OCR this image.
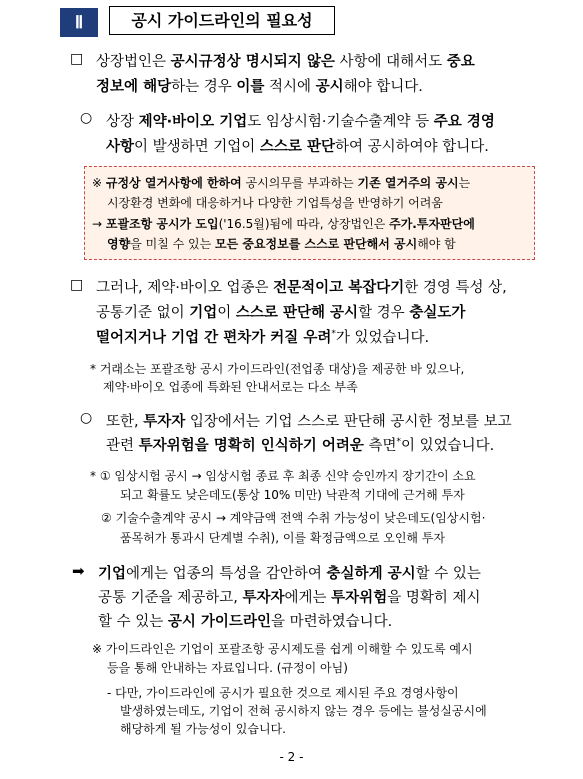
Ⅱ	공시 가이드라인의 필요성
□ 상장법인은 공시규정상 명시되지 않은 사항에 대해서도 중요
정보에 해당하는 경우 이를 적시에 공시해야 합니다.
○ 상장 제약·바이오 기업도 임상시험·기술수출계약 등 주요 경영
사항이 발생하면 기업이 스스로 판단하여 공시하여야 합니다.
※ 규정상 열거사항에 한하여 공시의무를 부과하는 기존 열거주의 공시는
시장환경 변화에 대응하거나 다양한 기업특성을 반영하기 어려움
→ 포괄조항 공시가 도입('16.5월)됨에 따라, 상장법인은 주가.투자판단에
영향을 미칠 수 있는 모든 중요정보를 스스로 판단해서 공시해야 함
□ 그러나, 제약·바이오 업종은 전문적이고 복잡다기한 경영 특성 상,
공통기준 없이 기업이 스스로 판단해 공시할 경우 충실도가
떨어지거나 기업 간 편차가 커질 우려*가 있었습니다.
* 거래소는 포괄조항 공시 가이드라인(전업종 대상)을 제공한 바 있으나,
제약·바이오 업종에 특화된 안내서로는 다소 부족
○ 또한, 투자자 입장에서는 기업 스스로 판단해 공시한 정보를 보고
관련 투자위험을 명확히 인식하기 어려운 측면*이 있었습니다.
* ① 임상시험 공시 → 임상시험 종료 후 최종 신약 승인까지 장기간이 소요
되고 확률도 낮은데도(통상 10% 미만) 낙관적 기대에 근거해 투자
② 기술수출계약 공시 → 계약금액 전액 수취 가능성이 낮은데도(임상시험·
품목허가 통과시 단계별 수취), 이를 확정금액으로 오인해 투자
➡ 기업에게는 업종의 특성을 감안하여 충실하게 공시할 수 있는
공통 기준을 제공하고, 투자자에게는 투자위험을 명확히 제시
할 수 있는 공시 가이드라인을 마련하였습니다.
※ 가이드라인은 기업이 포괄조항 공시제도를 쉽게 이해할 수 있도록 예시
등을 통해 안내하는 자료입니다. (규정이 아님)
- 다만, 가이드라인에 공시가 필요한 것으로 제시된 주요 경영사항이
발생하였는데도, 기업이 전혀 공시하지 않는 경우 등에는 불성실공시에
해당하게 될 가능성이 있습니다.
- 2 -
